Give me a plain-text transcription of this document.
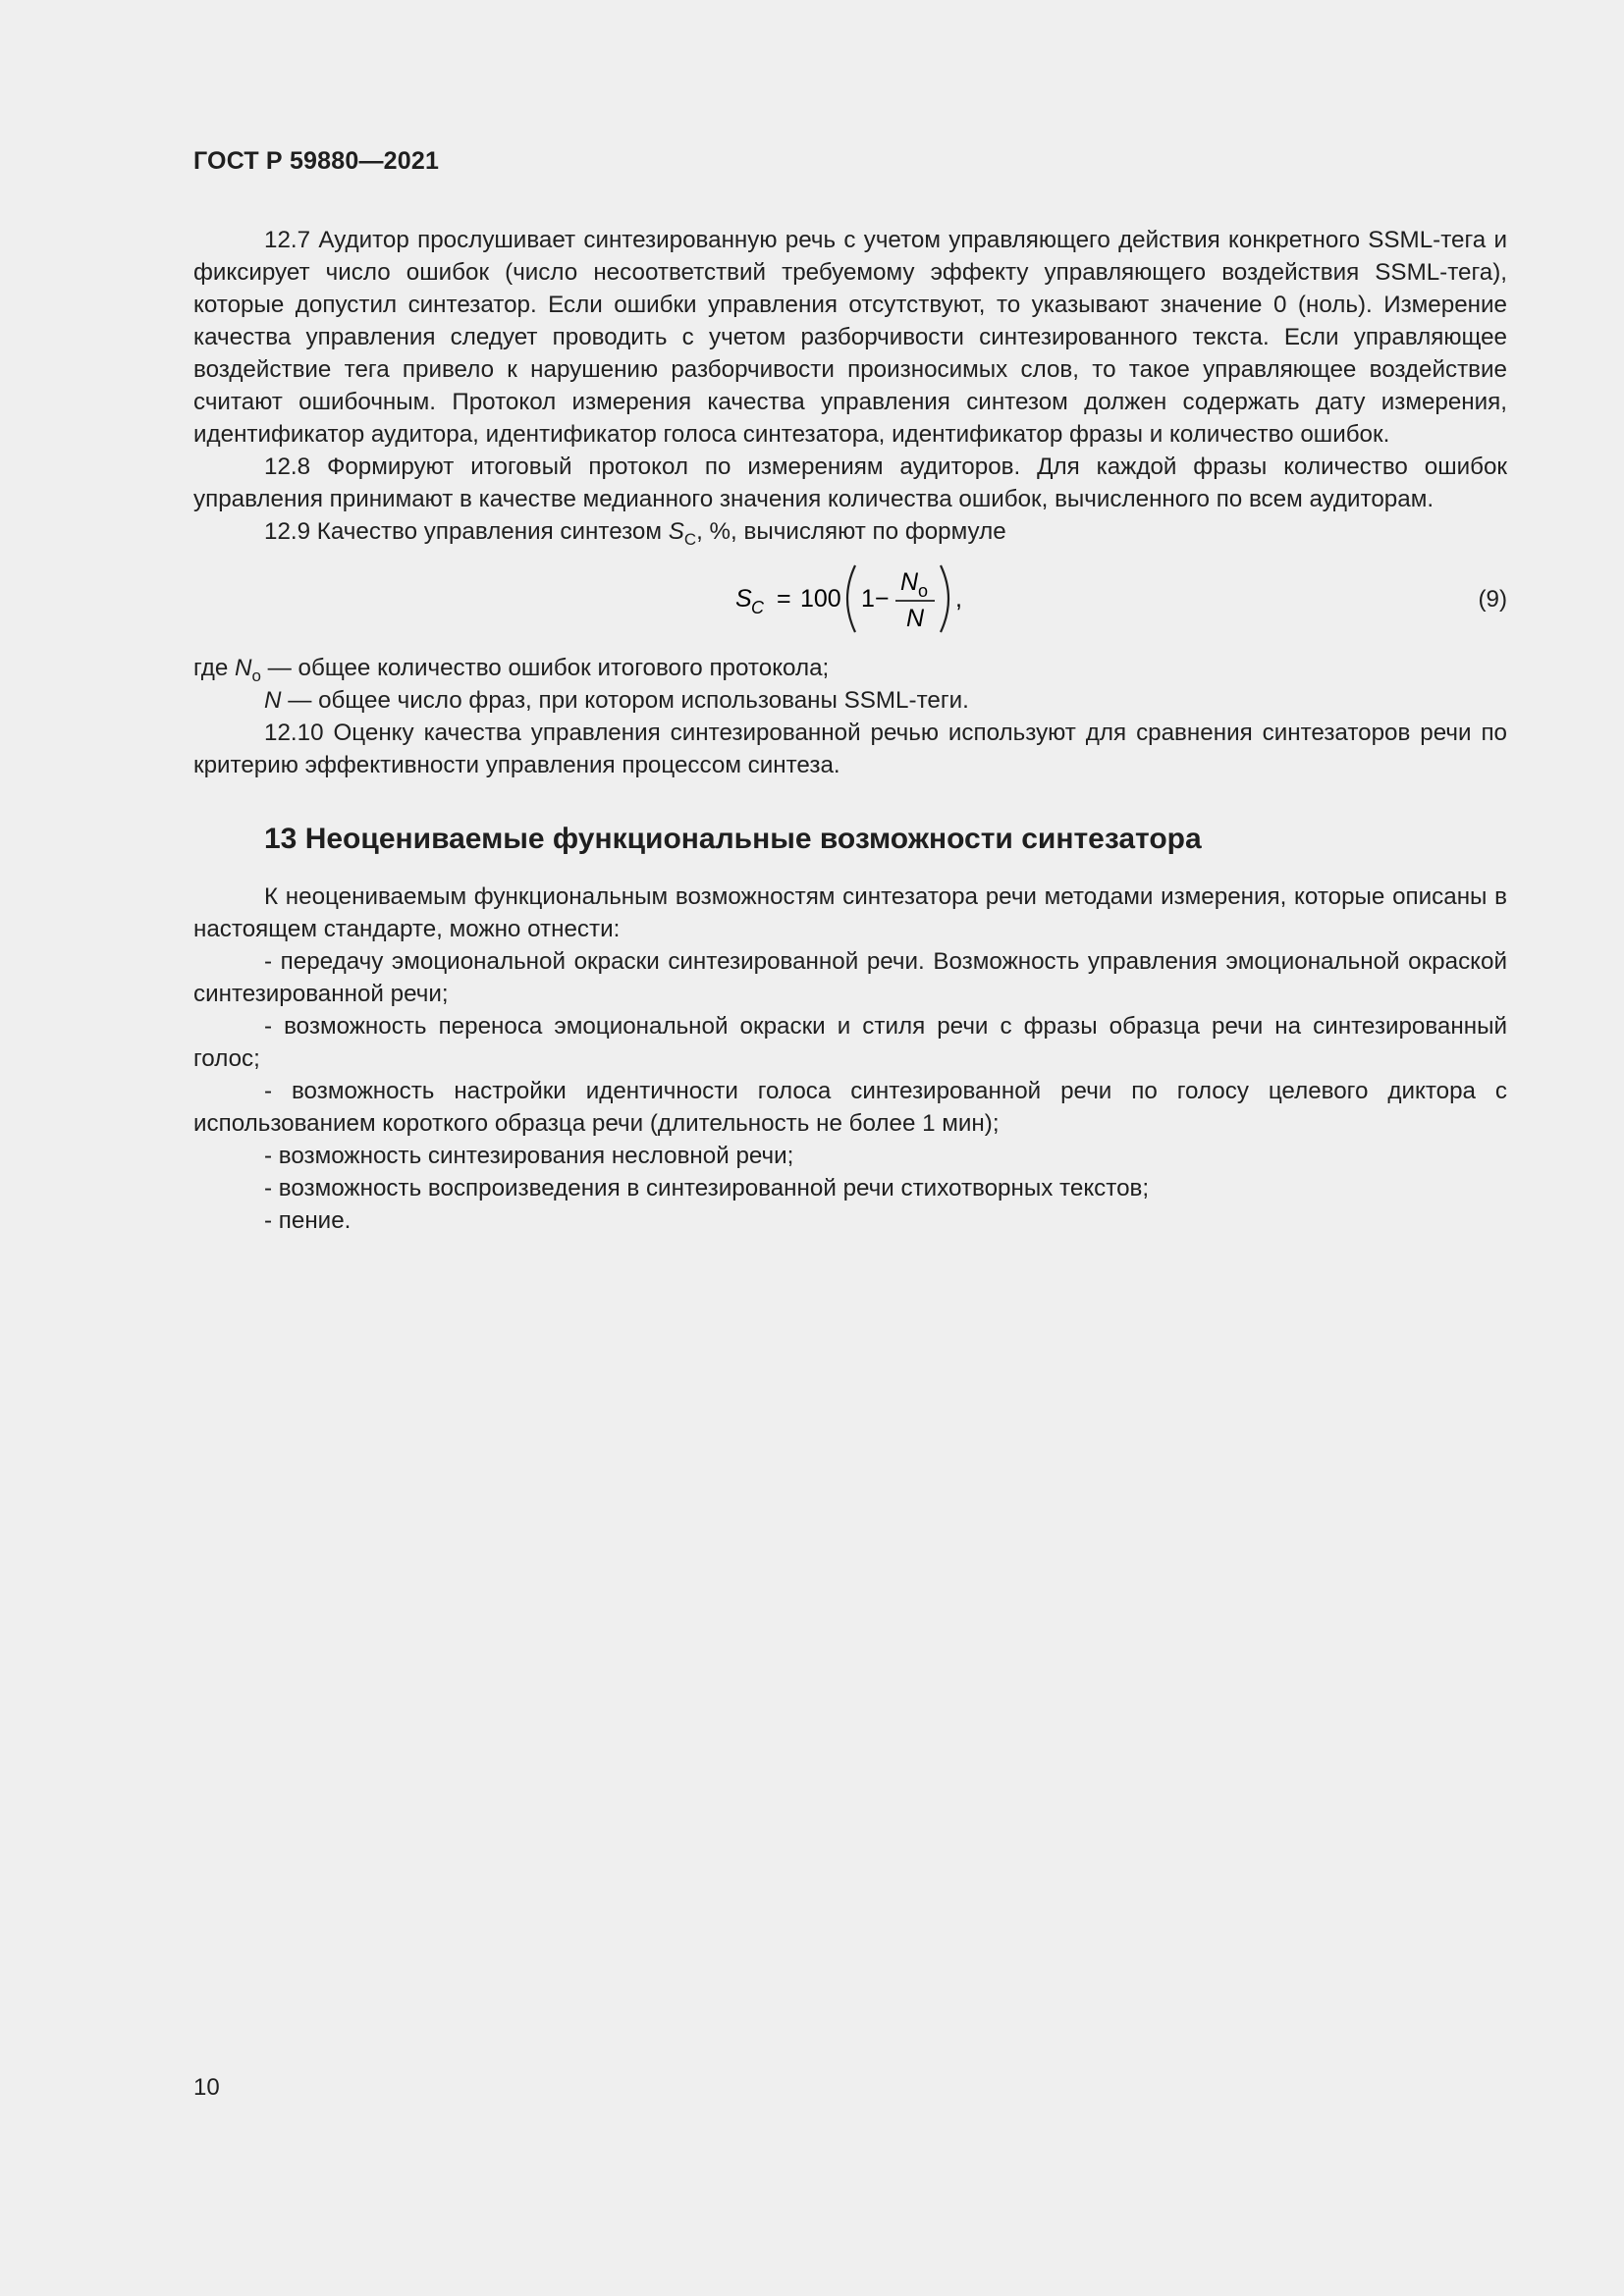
ГОСТ Р 59880—2021

12.7 Аудитор прослушивает синтезированную речь с учетом управляющего действия конкретного SSML-тега и фиксирует число ошибок (число несоответствий требуемому эффекту управляющего воздействия SSML-тега), которые допустил синтезатор. Если ошибки управления отсутствуют, то указывают значение 0 (ноль). Измерение качества управления следует проводить с учетом разборчивости синтезированного текста. Если управляющее воздействие тега привело к нарушению разборчивости произносимых слов, то такое управляющее воздействие считают ошибочным. Протокол измерения качества управления синтезом должен содержать дату измерения, идентификатор аудитора, идентификатор голоса синтезатора, идентификатор фразы и количество ошибок.

12.8 Формируют итоговый протокол по измерениям аудиторов. Для каждой фразы количество ошибок управления принимают в качестве медианного значения количества ошибок, вычисленного по всем аудиторам.

12.9 Качество управления синтезом $S_C$, %, вычисляют по формуле

S C = 100 1−
N о
N
,	(9)

где $N_о$ — общее количество ошибок итогового протокола;

N — общее число фраз, при котором использованы SSML-теги.

12.10 Оценку качества управления синтезированной речью используют для сравнения синтезаторов речи по критерию эффективности управления процессом синтеза.

13 Неоцениваемые функциональные возможности синтезатора

К неоцениваемым функциональным возможностям синтезатора речи методами измерения, которые описаны в настоящем стандарте, можно отнести:

- передачу эмоциональной окраски синтезированной речи. Возможность управления эмоциональной окраской синтезированной речи;

- возможность переноса эмоциональной окраски и стиля речи с фразы образца речи на синтезированный голос;

- возможность настройки идентичности голоса синтезированной речи по голосу целевого диктора с использованием короткого образца речи (длительность не более 1 мин);

- возможность синтезирования несловной речи;

- возможность воспроизведения в синтезированной речи стихотворных текстов;

- пение.

10
